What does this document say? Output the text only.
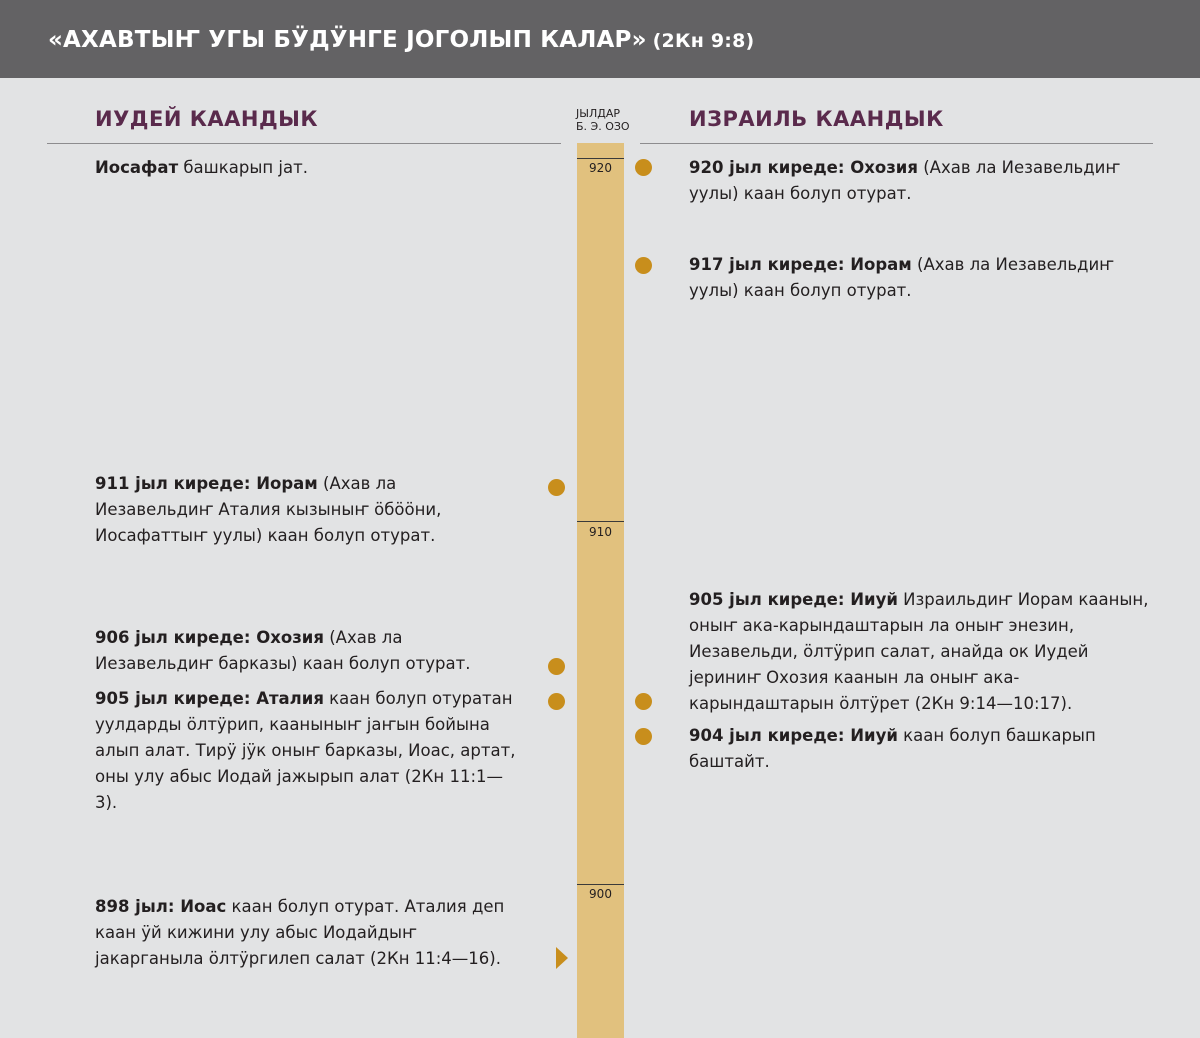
«АХАВТЫҤ УГЫ БӰДӰНГЕ ЈОГОЛЫП КАЛАР» (2Кн 9:8)
ИУДЕЙ КААНДЫК	ИЗРАИЛЬ КААНДЫК
ЈЫЛДАР
Б. Э. ОЗО
920
910
900
Иосафат башкарып јат.
911 јыл киреде: Иорам (Ахав ла Иезавельдиҥ Аталия кызыныҥ ӧбӧӧни, Иосафаттыҥ уулы) каан болуп отурат.
906 јыл киреде: Охозия (Ахав ла Иезавельдиҥ барказы) каан болуп отурат.
905 јыл киреде: Аталия каан болуп отуратан уулдарды ӧлтӱрип, кааныныҥ јаҥын бойына алып алат. Тирӱ јӱк оныҥ барказы, Иоас, артат, оны улу абыс Иодай јажырып алат (2Кн 11:1—3).
898 јыл: Иоас каан болуп отурат. Аталия деп каан ӱй кижини улу абыс Иодайдыҥ јакарганыла ӧлтӱргилеп салат (2Кн 11:4—16).
920 јыл киреде: Охозия (Ахав ла Иезавельдиҥ уулы) каан болуп отурат.
917 јыл киреде: Иорам (Ахав ла Иезавельдиҥ уулы) каан болуп отурат.
905 јыл киреде: Ииуй Израильдиҥ Иорам каанын, оныҥ ака-карындаштарын ла оныҥ энезин, Иезавельди, ӧлтӱрип салат, анайда ок Иудей јериниҥ Охозия каанын ла оныҥ ака-карындаштарын ӧлтӱрет (2Кн 9:14—10:17).
904 јыл киреде: Ииуй каан болуп башкарып баштайт.
